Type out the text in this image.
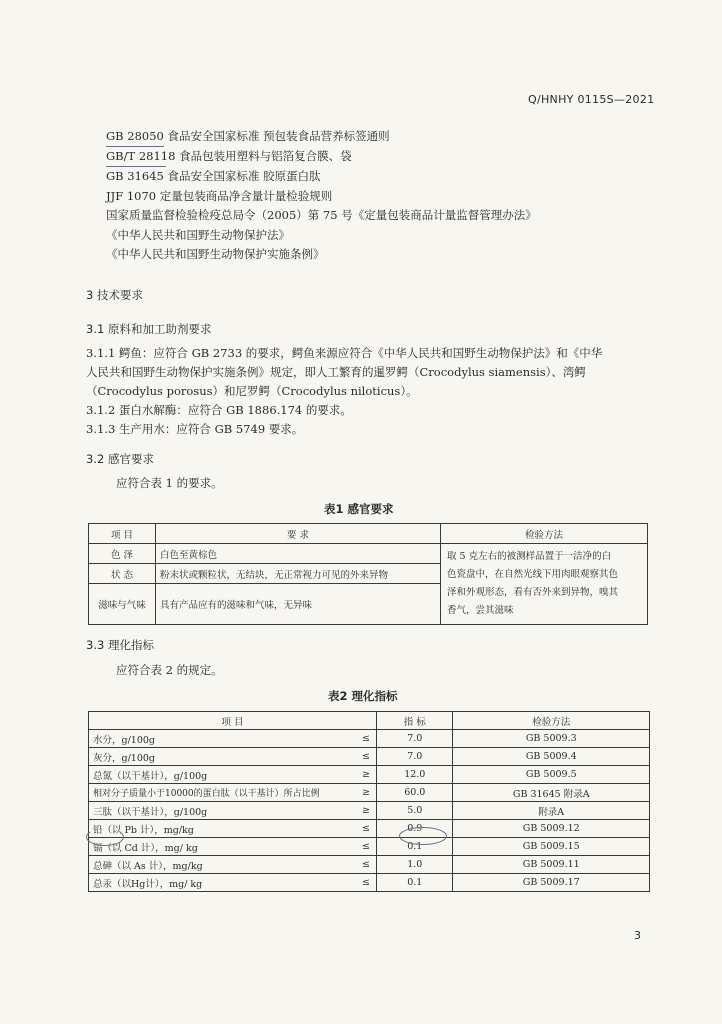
Q/HNHY 0115S—2021
GB 28050 食品安全国家标准 预包装食品营养标签通则
GB/T 28118 食品包装用塑料与铝箔复合膜、袋
GB 31645 食品安全国家标准 胶原蛋白肽
JJF 1070 定量包装商品净含量计量检验规则
国家质量监督检验检疫总局令（2005）第 75 号《定量包装商品计量监督管理办法》
《中华人民共和国野生动物保护法》
《中华人民共和国野生动物保护实施条例》
3 技术要求
3.1 原料和加工助剂要求
3.1.1 鳄鱼：应符合 GB 2733 的要求，鳄鱼来源应符合《中华人民共和国野生动物保护法》和《中华
人民共和国野生动物保护实施条例》规定，即人工繁育的暹罗鳄（Crocodylus siamensis）、湾鳄
（Crocodylus porosus）和尼罗鳄（Crocodylus niloticus）。
3.1.2 蛋白水解酶：应符合 GB 1886.174 的要求。
3.1.3 生产用水：应符合 GB 5749 要求。
3.2 感官要求
应符合表 1 的要求。
表1 感官要求
项 目	要 求	检验方法
色 泽	白色至黄棕色	取 5 克左右的被测样品置于一洁净的白
色瓷盘中，在自然光线下用肉眼观察其色
泽和外观形态，看有否外来到异物，嗅其
香气，尝其滋味

状 态	粉末状或颗粒状，无结块，无正常视力可见的外来异物	
滋味与气味	具有产品应有的滋味和气味，无异味	
3.3 理化指标
应符合表 2 的规定。
表2 理化指标
项 目		指 标	检验方法
水分，g/100g	≤	7.0	GB 5009.3
灰分，g/100g	≤	7.0	GB 5009.4
总氮（以干基计），g/100g	≥	12.0	GB 5009.5
相对分子质量小于10000的蛋白肽（以干基计）所占比例	≥	60.0	GB 31645 附录A
三肽（以干基计），g/100g	≥	5.0	附录A
铅（以 Pb 计），mg/kg	≤	0.9	GB 5009.12
镉（以 Cd 计），mg/ kg	≤	0.1	GB 5009.15
总砷（以 As 计），mg/kg	≤	1.0	GB 5009.11
总汞（以Hg计），mg/ kg	≤	0.1	GB 5009.17
3
